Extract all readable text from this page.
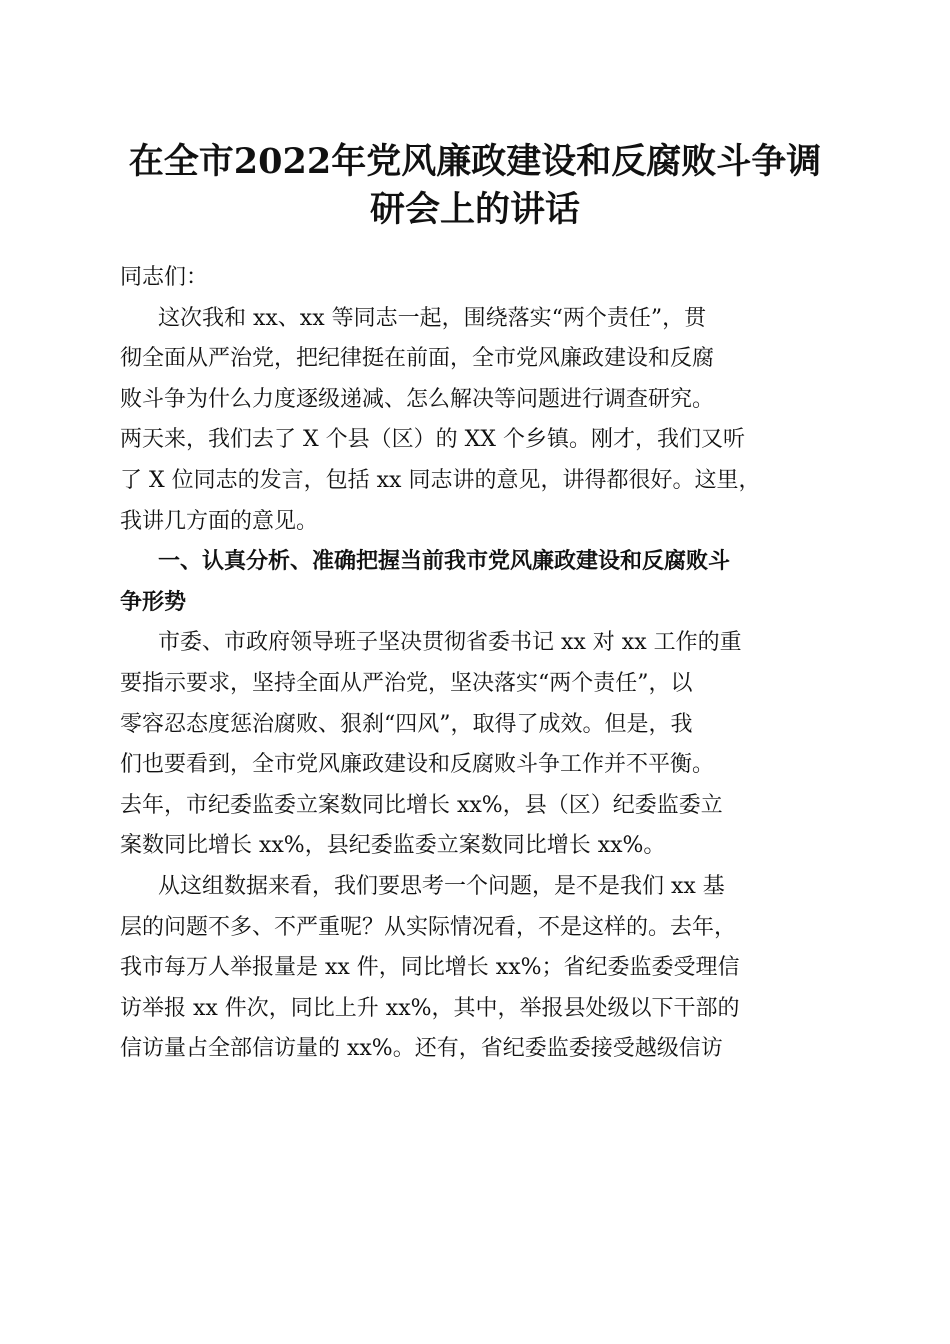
在全市2022年党风廉政建设和反腐败斗争调
研会上的讲话
同志们：
这次我和 xx、xx 等同志一起，围绕落实“两个责任”，贯
彻全面从严治党，把纪律挺在前面，全市党风廉政建设和反腐
败斗争为什么力度逐级递减、怎么解决等问题进行调查研究。
两天来，我们去了 X 个县（区）的 XX 个乡镇。刚才，我们又听
了 X 位同志的发言，包括 xx 同志讲的意见，讲得都很好。这里，
我讲几方面的意见。
一、认真分析、准确把握当前我市党风廉政建设和反腐败斗
争形势
市委、市政府领导班子坚决贯彻省委书记 xx 对 xx 工作的重
要指示要求，坚持全面从严治党，坚决落实“两个责任”，以
零容忍态度惩治腐败、狠刹“四风”，取得了成效。但是，我
们也要看到，全市党风廉政建设和反腐败斗争工作并不平衡。
去年，市纪委监委立案数同比增长 xx%，县（区）纪委监委立
案数同比增长 xx%，县纪委监委立案数同比增长 xx%。
从这组数据来看，我们要思考一个问题，是不是我们 xx 基
层的问题不多、不严重呢？从实际情况看，不是这样的。去年，
我市每万人举报量是 xx 件，同比增长 xx%；省纪委监委受理信
访举报 xx 件次，同比上升 xx%，其中，举报县处级以下干部的
信访量占全部信访量的 xx%。还有，省纪委监委接受越级信访
